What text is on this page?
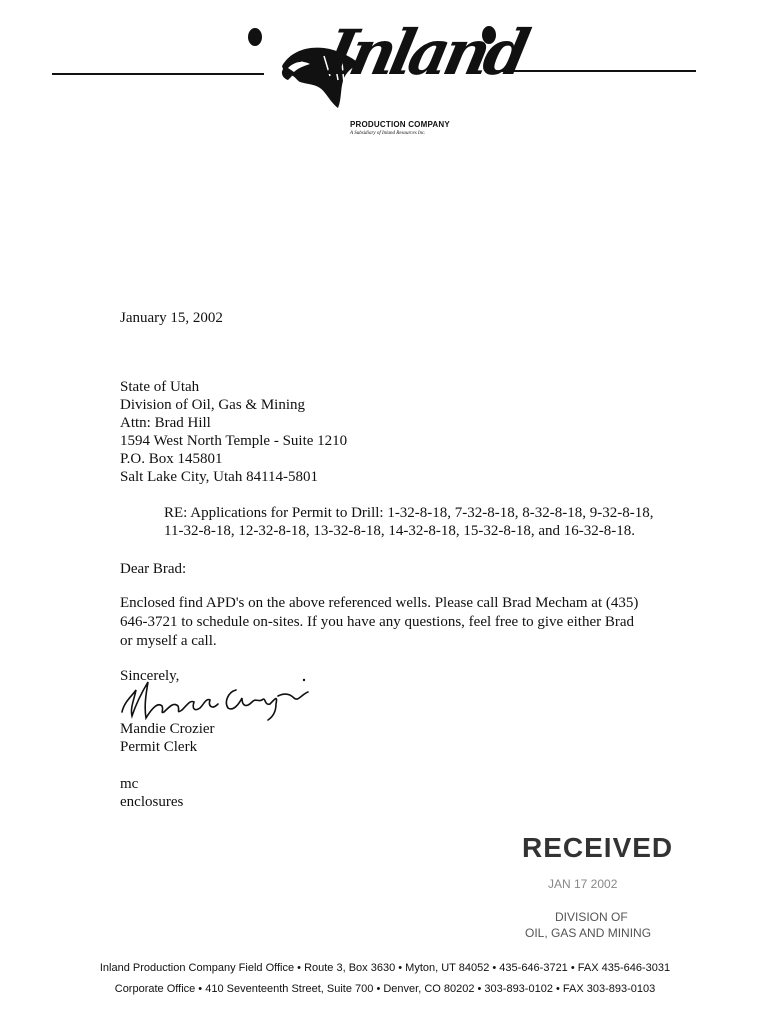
Inland
PRODUCTION COMPANY
A Subsidiary of Inland Resources Inc.
January 15, 2002
State of Utah
Division of Oil, Gas & Mining
Attn: Brad Hill
1594 West North Temple - Suite 1210
P.O. Box 145801
Salt Lake City, Utah 84114-5801
RE: Applications for Permit to Drill: 1-32-8-18, 7-32-8-18, 8-32-8-18, 9-32-8-18,
11-32-8-18, 12-32-8-18, 13-32-8-18, 14-32-8-18, 15-32-8-18, and 16-32-8-18.
Dear Brad:
Enclosed find APD's on the above referenced wells. Please call Brad Mecham at (435) 646-3721 to schedule on-sites. If you have any questions, feel free to give either Brad or myself a call.
Sincerely,
Mandie Crozier
Permit Clerk
mc
enclosures
RECEIVED
JAN 17 2002
DIVISION OF
OIL, GAS AND MINING
Inland Production Company Field Office • Route 3, Box 3630 • Myton, UT 84052 • 435-646-3721 • FAX 435-646-3031
Corporate Office • 410 Seventeenth Street, Suite 700 • Denver, CO 80202 • 303-893-0102 • FAX 303-893-0103
